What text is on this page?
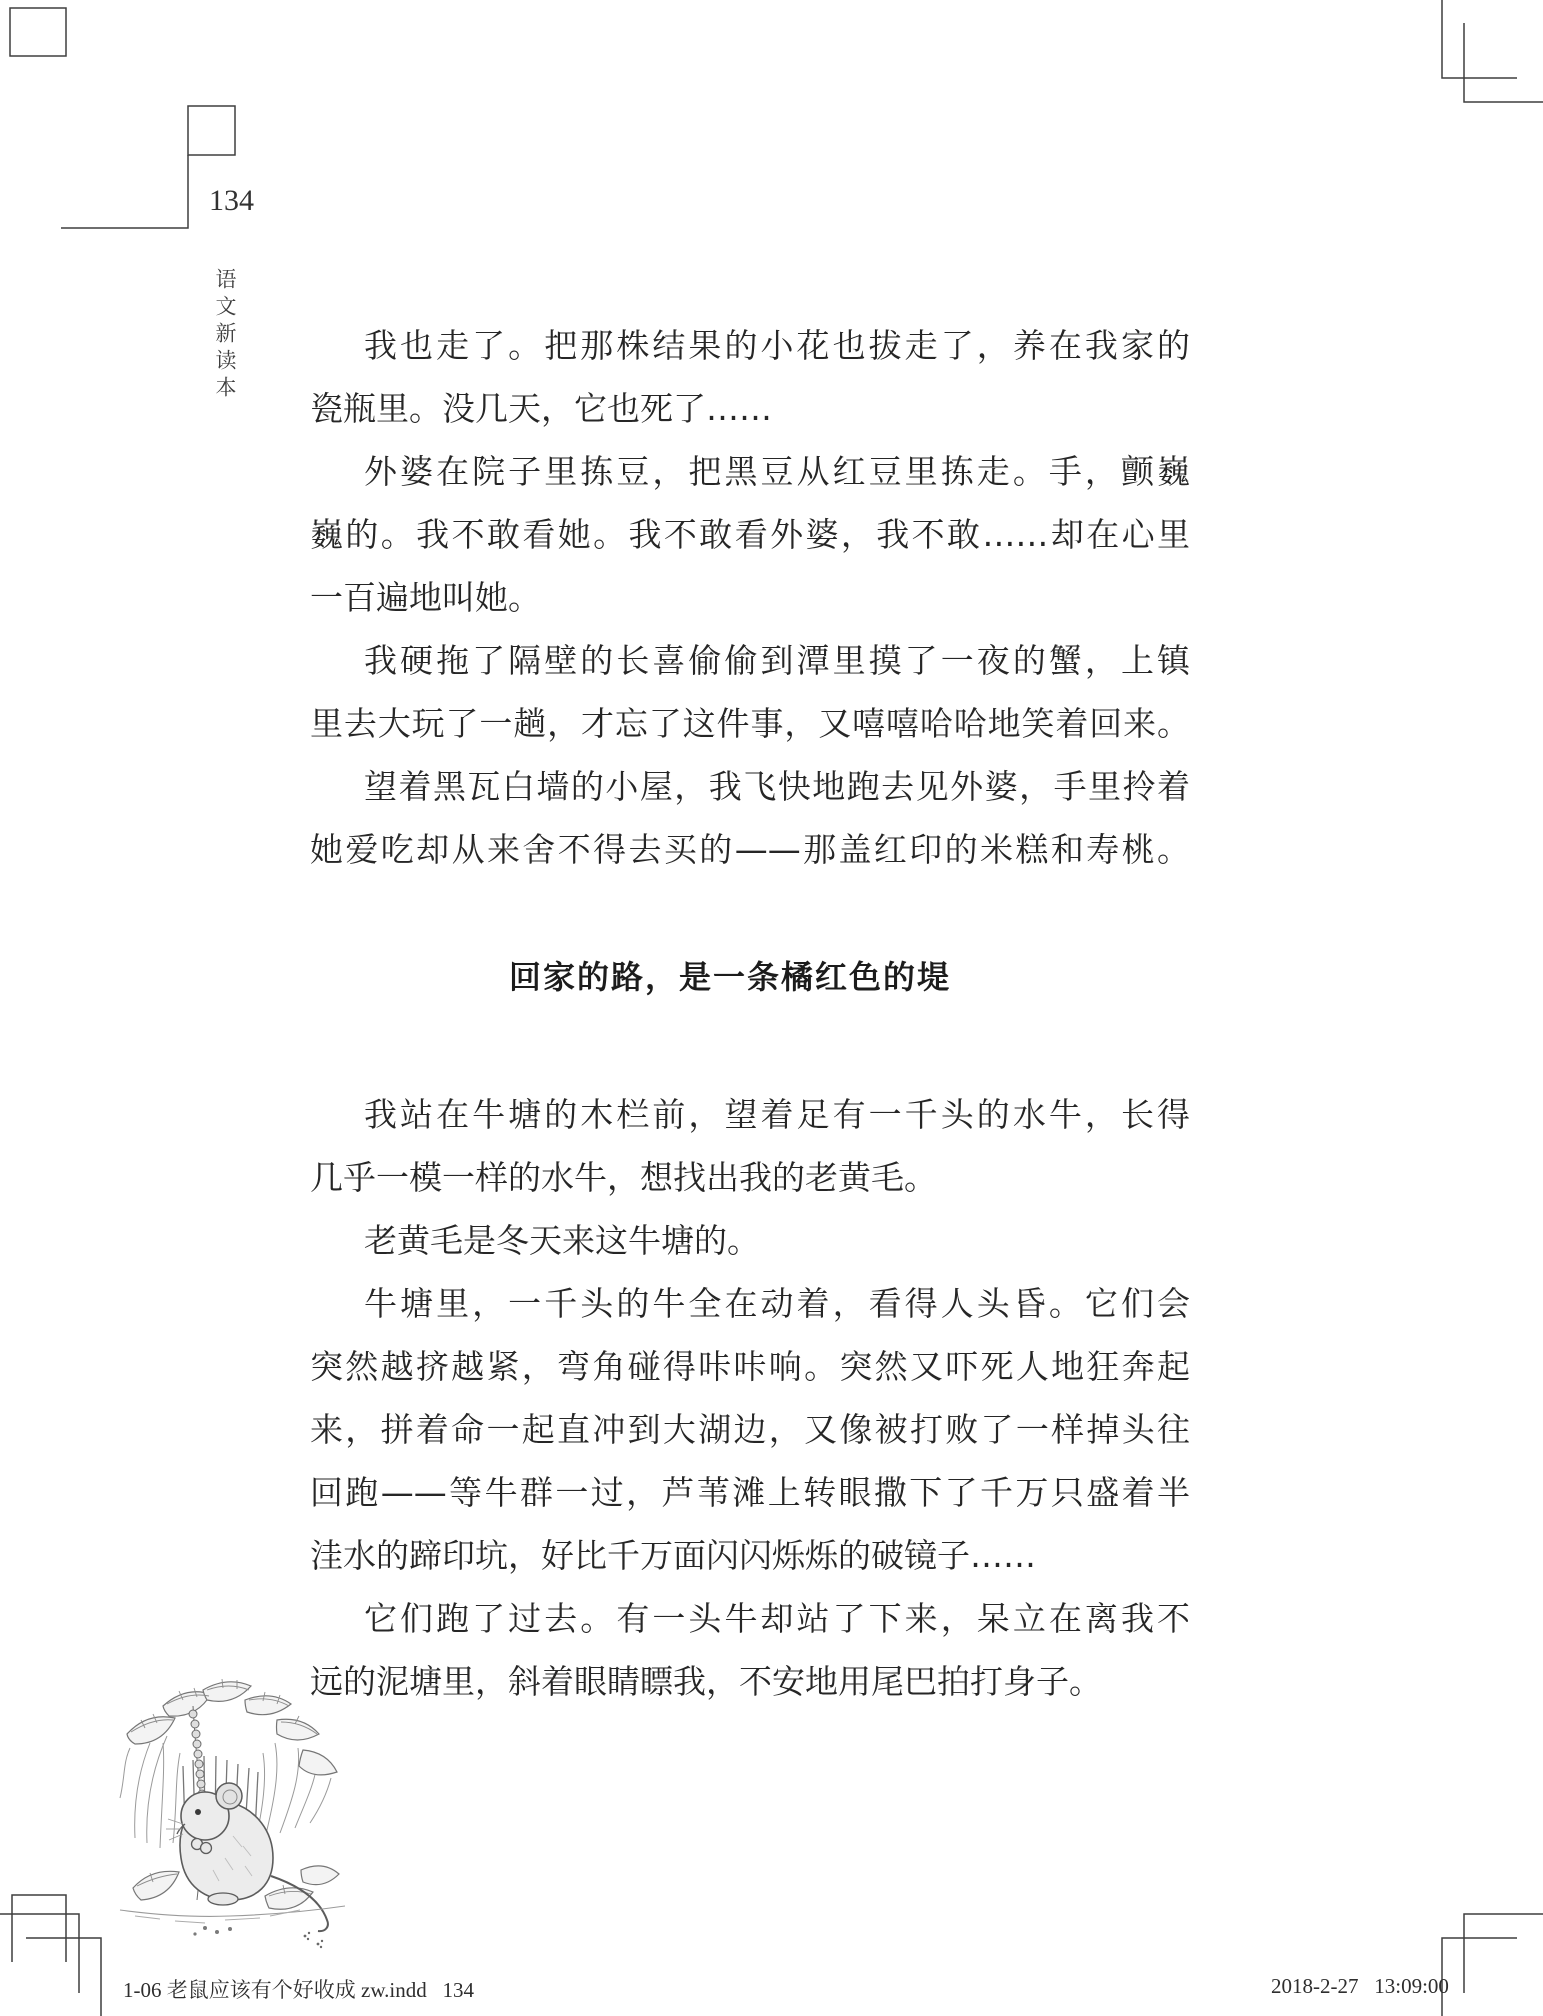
134
语文新读本	我也走了。把那株结果的小花也拔走了，养在我家的
瓷瓶里。没几天，它也死了……
外婆在院子里拣豆，把黑豆从红豆里拣走。手，颤巍
巍的。我不敢看她。我不敢看外婆，我不敢……却在心里
一百遍地叫她。
我硬拖了隔壁的长喜偷偷到潭里摸了一夜的蟹，上镇
里去大玩了一趟，才忘了这件事，又嘻嘻哈哈地笑着回来。
望着黑瓦白墙的小屋，我飞快地跑去见外婆，手里拎着
她爱吃却从来舍不得去买的——那盖红印的米糕和寿桃。
回家的路，是一条橘红色的堤
我站在牛塘的木栏前，望着足有一千头的水牛，长得
几乎一模一样的水牛，想找出我的老黄毛。
老黄毛是冬天来这牛塘的。
牛塘里，一千头的牛全在动着，看得人头昏。它们会
突然越挤越紧，弯角碰得咔咔响。突然又吓死人地狂奔起
来，拼着命一起直冲到大湖边，又像被打败了一样掉头往
回跑——等牛群一过，芦苇滩上转眼撒下了千万只盛着半
洼水的蹄印坑，好比千万面闪闪烁烁的破镜子……
它们跑了过去。有一头牛却站了下来，呆立在离我不
远的泥塘里，斜着眼睛瞟我，不安地用尾巴拍打身子。
1-06 老鼠应该有个好收成 zw.indd   134	2018-2-27   13:09:00
